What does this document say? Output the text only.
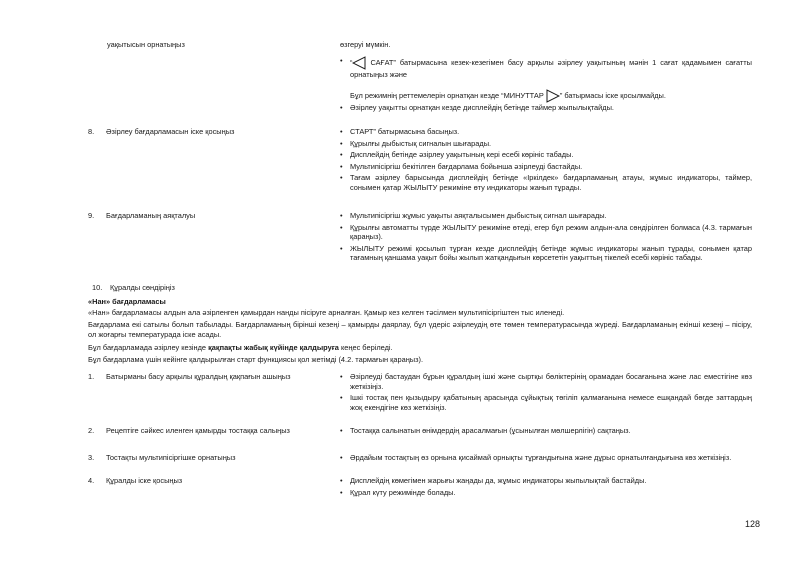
уақытысын орнатыңыз	өзгеруі мүмкін.
• “ САҒАТ” батырмасына кезек-кезегімен басу арқылы әзірлеу уақытының мәнін 1 сағат қадамымен сағатты орнатыңыз және
Бұл режимнің реттемелерін орнатқан кезде “МИНУТТАР ” батырмасы іске қосылмайды.
• Әзірлеу уақытты орнатқан кезде дисплейдің бетінде таймер жыпылықтайды.
8. Әзірлеу бағдарламасын іске қосыңыз	• СТАРТ” батырмасына басыңыз.
• Құрылғы дыбыстық сигналын шығарады.
• Дисплейдің бетінде әзірлеу уақытының кері есебі көрініс табады.
• Мультипісіргіш бекітілген бағдарлама бойынша әзірлеуді бастайды.
• Тағам әзірлеу барысында дисплейдің бетінде «Іркілдек» бағдарламаның атауы, жұмыс индикаторы, таймер, сонымен қатар ЖЫЛЫТУ режиміне өту индикаторы жанып тұрады.
9. Бағдарламаның аяқталуы	• Мультипісіргіш жұмыс уақыты аяқталысымен дыбыстық сигнал шығарады.
• Құрылғы автоматты түрде ЖЫЛЫТУ режиміне өтеді, егер бұл режим алдын-ала сөндірілген болмаса (4.3. тармағын қараңыз).
• ЖЫЛЫТУ режимі қосылып тұрған кезде дисплейдің бетінде жұмыс индикаторы жанып тұрады, сонымен қатар тағамның қаншама уақыт бойы жылып жатқандығын көрсететін уақыттың тікелей есебі көрініс табады.
10. Құралды сөндіріңіз
«Нан» бағдарламасы
«Нан» бағдарламасы алдын ала әзірленген қамырдан нанды пісіруге арналған. Қамыр кез келген тәсілмен мультипісіргіштен тыс иленеді.
Бағдарлама екі сатылы болып табылады. Бағдарламаның бірінші кезеңі – қамырды даярлау, бұл үдеріс әзірлеудің өте төмен температурасында жүреді. Бағдарламаның екінші кезеңі – пісіру, ол жоғарғы температурада іске асады.
Бұл бағдарламада әзірлеу кезінде қақпақты жабық күйінде қалдыруға кеңес беріледі.
Бұл бағдарлама үшін кейінге қалдырылған старт функциясы қол жетімді (4.2. тармағын қараңыз).
1.	Батырманы басу арқылы құралдың қақпағын ашыңыз	• Әзірлеуді бастаудан бұрын құралдың ішкі және сыртқы бөліктерінің орамадан босағанына және лас еместігіне көз жеткізіңіз.
• Ішкі тостақ пен қызыдыру қабатының арасында сұйықтық төгіліп қалмағанына немесе ешқандай бөгде заттардың жоқ екендігіне көз жеткізіңіз.
2.	Рецептіге сәйкес иленген қамырды тостаққа салыңыз	• Тостаққа салынатын өнімдердің арасалмағын (ұсынылған мөлшерлігін) сақтаңыз.
3. Тостақты мультипісіргішке орнатыңыз	• Әрдайым тостақтың өз орнына қисаймай орнықты тұрғандығына және дұрыс орнатылғандығына көз жеткізіңіз.
4. Құралды іске қосыңыз	• Дисплейдің көмегімен жарығы жаңады да, жұмыс индикаторы жыпылықтай бастайды.
• Құрал күту режимінде болады.
128
